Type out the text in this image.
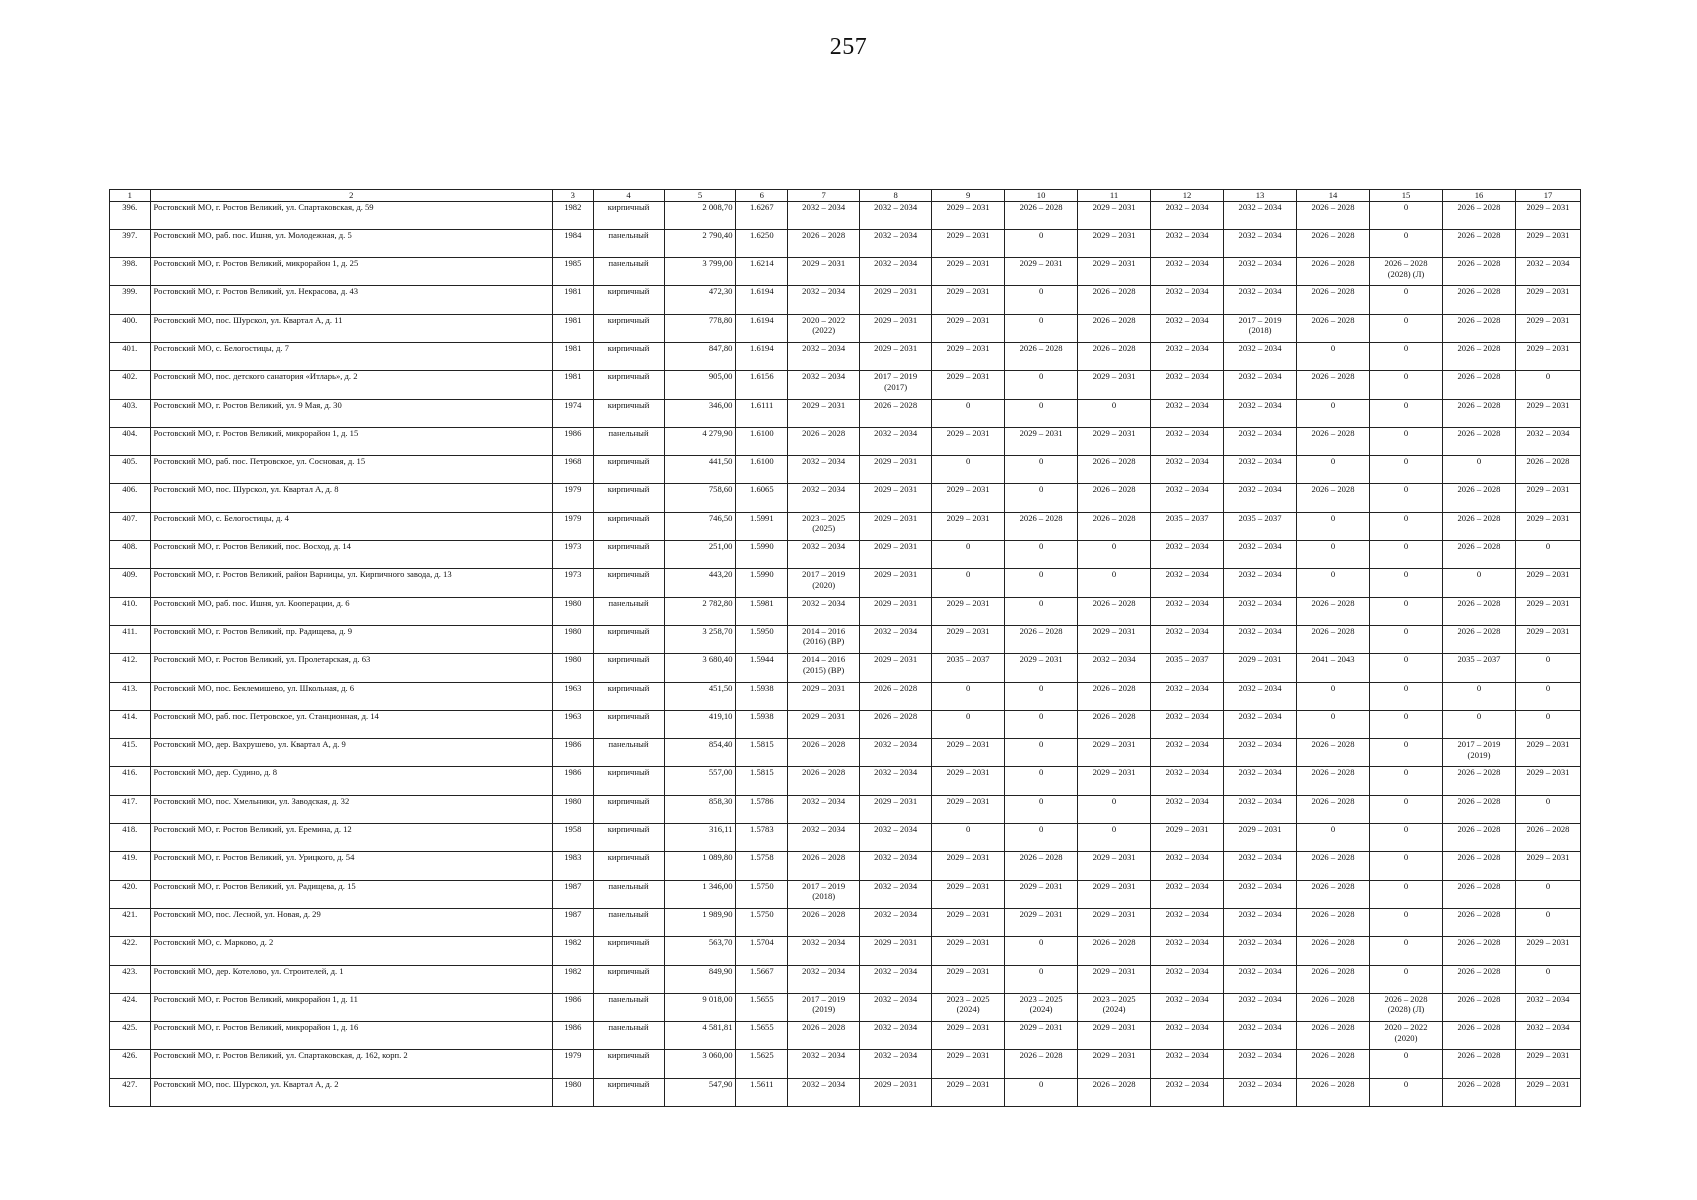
257
1	2	3	4	5	6	7	8	9	10	11	12	13	14	15	16	17
396.	Ростовский МО, г. Ростов Великий, ул. Спартаковская, д. 59	1982	кирпичный	2 008,70	1.6267	2032 – 2034	2032 – 2034	2029 – 2031	2026 – 2028	2029 – 2031	2032 – 2034	2032 – 2034	2026 – 2028	0	2026 – 2028	2029 – 2031
397.	Ростовский МО, раб. пос. Ишня, ул. Молодежная, д. 5	1984	панельный	2 790,40	1.6250	2026 – 2028	2032 – 2034	2029 – 2031	0	2029 – 2031	2032 – 2034	2032 – 2034	2026 – 2028	0	2026 – 2028	2029 – 2031
398.	Ростовский МО, г. Ростов Великий, микрорайон 1, д. 25	1985	панельный	3 799,00	1.6214	2029 – 2031	2032 – 2034	2029 – 2031	2029 – 2031	2029 – 2031	2032 – 2034	2032 – 2034	2026 – 2028	2026 – 2028 (2028) (Л)	2026 – 2028	2032 – 2034
399.	Ростовский МО, г. Ростов Великий, ул. Некрасова, д. 43	1981	кирпичный	472,30	1.6194	2032 – 2034	2029 – 2031	2029 – 2031	0	2026 – 2028	2032 – 2034	2032 – 2034	2026 – 2028	0	2026 – 2028	2029 – 2031
400.	Ростовский МО, пос. Шурскол, ул. Квартал А, д. 11	1981	кирпичный	778,80	1.6194	2020 – 2022 (2022)	2029 – 2031	2029 – 2031	0	2026 – 2028	2032 – 2034	2017 – 2019 (2018)	2026 – 2028	0	2026 – 2028	2029 – 2031
401.	Ростовский МО, с. Белогостицы, д. 7	1981	кирпичный	847,80	1.6194	2032 – 2034	2029 – 2031	2029 – 2031	2026 – 2028	2026 – 2028	2032 – 2034	2032 – 2034	0	0	2026 – 2028	2029 – 2031
402.	Ростовский МО, пос. детского санатория «Итларь», д. 2	1981	кирпичный	905,00	1.6156	2032 – 2034	2017 – 2019 (2017)	2029 – 2031	0	2029 – 2031	2032 – 2034	2032 – 2034	2026 – 2028	0	2026 – 2028	0
403.	Ростовский МО, г. Ростов Великий, ул. 9 Мая, д. 30	1974	кирпичный	346,00	1.6111	2029 – 2031	2026 – 2028	0	0	0	2032 – 2034	2032 – 2034	0	0	2026 – 2028	2029 – 2031
404.	Ростовский МО, г. Ростов Великий, микрорайон 1, д. 15	1986	панельный	4 279,90	1.6100	2026 – 2028	2032 – 2034	2029 – 2031	2029 – 2031	2029 – 2031	2032 – 2034	2032 – 2034	2026 – 2028	0	2026 – 2028	2032 – 2034
405.	Ростовский МО, раб. пос. Петровское, ул. Сосновая, д. 15	1968	кирпичный	441,50	1.6100	2032 – 2034	2029 – 2031	0	0	2026 – 2028	2032 – 2034	2032 – 2034	0	0	0	2026 – 2028
406.	Ростовский МО, пос. Шурскол, ул. Квартал А, д. 8	1979	кирпичный	758,60	1.6065	2032 – 2034	2029 – 2031	2029 – 2031	0	2026 – 2028	2032 – 2034	2032 – 2034	2026 – 2028	0	2026 – 2028	2029 – 2031
407.	Ростовский МО, с. Белогостицы, д. 4	1979	кирпичный	746,50	1.5991	2023 – 2025 (2025)	2029 – 2031	2029 – 2031	2026 – 2028	2026 – 2028	2035 – 2037	2035 – 2037	0	0	2026 – 2028	2029 – 2031
408.	Ростовский МО, г. Ростов Великий, пос. Восход, д. 14	1973	кирпичный	251,00	1.5990	2032 – 2034	2029 – 2031	0	0	0	2032 – 2034	2032 – 2034	0	0	2026 – 2028	0
409.	Ростовский МО, г. Ростов Великий, район Варницы, ул. Кирпичного завода, д. 13	1973	кирпичный	443,20	1.5990	2017 – 2019 (2020)	2029 – 2031	0	0	0	2032 – 2034	2032 – 2034	0	0	0	2029 – 2031
410.	Ростовский МО, раб. пос. Ишня, ул. Кооперации, д. 6	1980	панельный	2 782,80	1.5981	2032 – 2034	2029 – 2031	2029 – 2031	0	2026 – 2028	2032 – 2034	2032 – 2034	2026 – 2028	0	2026 – 2028	2029 – 2031
411.	Ростовский МО, г. Ростов Великий, пр. Радищева, д. 9	1980	кирпичный	3 258,70	1.5950	2014 – 2016 (2016) (ВР)	2032 – 2034	2029 – 2031	2026 – 2028	2029 – 2031	2032 – 2034	2032 – 2034	2026 – 2028	0	2026 – 2028	2029 – 2031
412.	Ростовский МО, г. Ростов Великий, ул. Пролетарская, д. 63	1980	кирпичный	3 680,40	1.5944	2014 – 2016 (2015) (ВР)	2029 – 2031	2035 – 2037	2029 – 2031	2032 – 2034	2035 – 2037	2029 – 2031	2041 – 2043	0	2035 – 2037	0
413.	Ростовский МО, пос. Беклемишево, ул. Школьная, д. 6	1963	кирпичный	451,50	1.5938	2029 – 2031	2026 – 2028	0	0	2026 – 2028	2032 – 2034	2032 – 2034	0	0	0	0
414.	Ростовский МО, раб. пос. Петровское, ул. Станционная, д. 14	1963	кирпичный	419,10	1.5938	2029 – 2031	2026 – 2028	0	0	2026 – 2028	2032 – 2034	2032 – 2034	0	0	0	0
415.	Ростовский МО, дер. Вахрушево, ул. Квартал А, д. 9	1986	панельный	854,40	1.5815	2026 – 2028	2032 – 2034	2029 – 2031	0	2029 – 2031	2032 – 2034	2032 – 2034	2026 – 2028	0	2017 – 2019 (2019)	2029 – 2031
416.	Ростовский МО, дер. Судино, д. 8	1986	кирпичный	557,00	1.5815	2026 – 2028	2032 – 2034	2029 – 2031	0	2029 – 2031	2032 – 2034	2032 – 2034	2026 – 2028	0	2026 – 2028	2029 – 2031
417.	Ростовский МО, пос. Хмельники, ул. Заводская, д. 32	1980	кирпичный	858,30	1.5786	2032 – 2034	2029 – 2031	2029 – 2031	0	0	2032 – 2034	2032 – 2034	2026 – 2028	0	2026 – 2028	0
418.	Ростовский МО, г. Ростов Великий, ул. Еремина, д. 12	1958	кирпичный	316,11	1.5783	2032 – 2034	2032 – 2034	0	0	0	2029 – 2031	2029 – 2031	0	0	2026 – 2028	2026 – 2028
419.	Ростовский МО, г. Ростов Великий, ул. Урицкого, д. 54	1983	кирпичный	1 089,80	1.5758	2026 – 2028	2032 – 2034	2029 – 2031	2026 – 2028	2029 – 2031	2032 – 2034	2032 – 2034	2026 – 2028	0	2026 – 2028	2029 – 2031
420.	Ростовский МО, г. Ростов Великий, ул. Радищева, д. 15	1987	панельный	1 346,00	1.5750	2017 – 2019 (2018)	2032 – 2034	2029 – 2031	2029 – 2031	2029 – 2031	2032 – 2034	2032 – 2034	2026 – 2028	0	2026 – 2028	0
421.	Ростовский МО, пос. Лесной, ул. Новая, д. 29	1987	панельный	1 989,90	1.5750	2026 – 2028	2032 – 2034	2029 – 2031	2029 – 2031	2029 – 2031	2032 – 2034	2032 – 2034	2026 – 2028	0	2026 – 2028	0
422.	Ростовский МО, с. Марково, д. 2	1982	кирпичный	563,70	1.5704	2032 – 2034	2029 – 2031	2029 – 2031	0	2026 – 2028	2032 – 2034	2032 – 2034	2026 – 2028	0	2026 – 2028	2029 – 2031
423.	Ростовский МО, дер. Котелово, ул. Строителей, д. 1	1982	кирпичный	849,90	1.5667	2032 – 2034	2032 – 2034	2029 – 2031	0	2029 – 2031	2032 – 2034	2032 – 2034	2026 – 2028	0	2026 – 2028	0
424.	Ростовский МО, г. Ростов Великий, микрорайон 1, д. 11	1986	панельный	9 018,00	1.5655	2017 – 2019 (2019)	2032 – 2034	2023 – 2025 (2024)	2023 – 2025 (2024)	2023 – 2025 (2024)	2032 – 2034	2032 – 2034	2026 – 2028	2026 – 2028 (2028) (Л)	2026 – 2028	2032 – 2034
425.	Ростовский МО, г. Ростов Великий, микрорайон 1, д. 16	1986	панельный	4 581,81	1.5655	2026 – 2028	2032 – 2034	2029 – 2031	2029 – 2031	2029 – 2031	2032 – 2034	2032 – 2034	2026 – 2028	2020 – 2022 (2020)	2026 – 2028	2032 – 2034
426.	Ростовский МО, г. Ростов Великий, ул. Спартаковская, д. 162, корп. 2	1979	кирпичный	3 060,00	1.5625	2032 – 2034	2032 – 2034	2029 – 2031	2026 – 2028	2029 – 2031	2032 – 2034	2032 – 2034	2026 – 2028	0	2026 – 2028	2029 – 2031
427.	Ростовский МО, пос. Шурскол, ул. Квартал А, д. 2	1980	кирпичный	547,90	1.5611	2032 – 2034	2029 – 2031	2029 – 2031	0	2026 – 2028	2032 – 2034	2032 – 2034	2026 – 2028	0	2026 – 2028	2029 – 2031
